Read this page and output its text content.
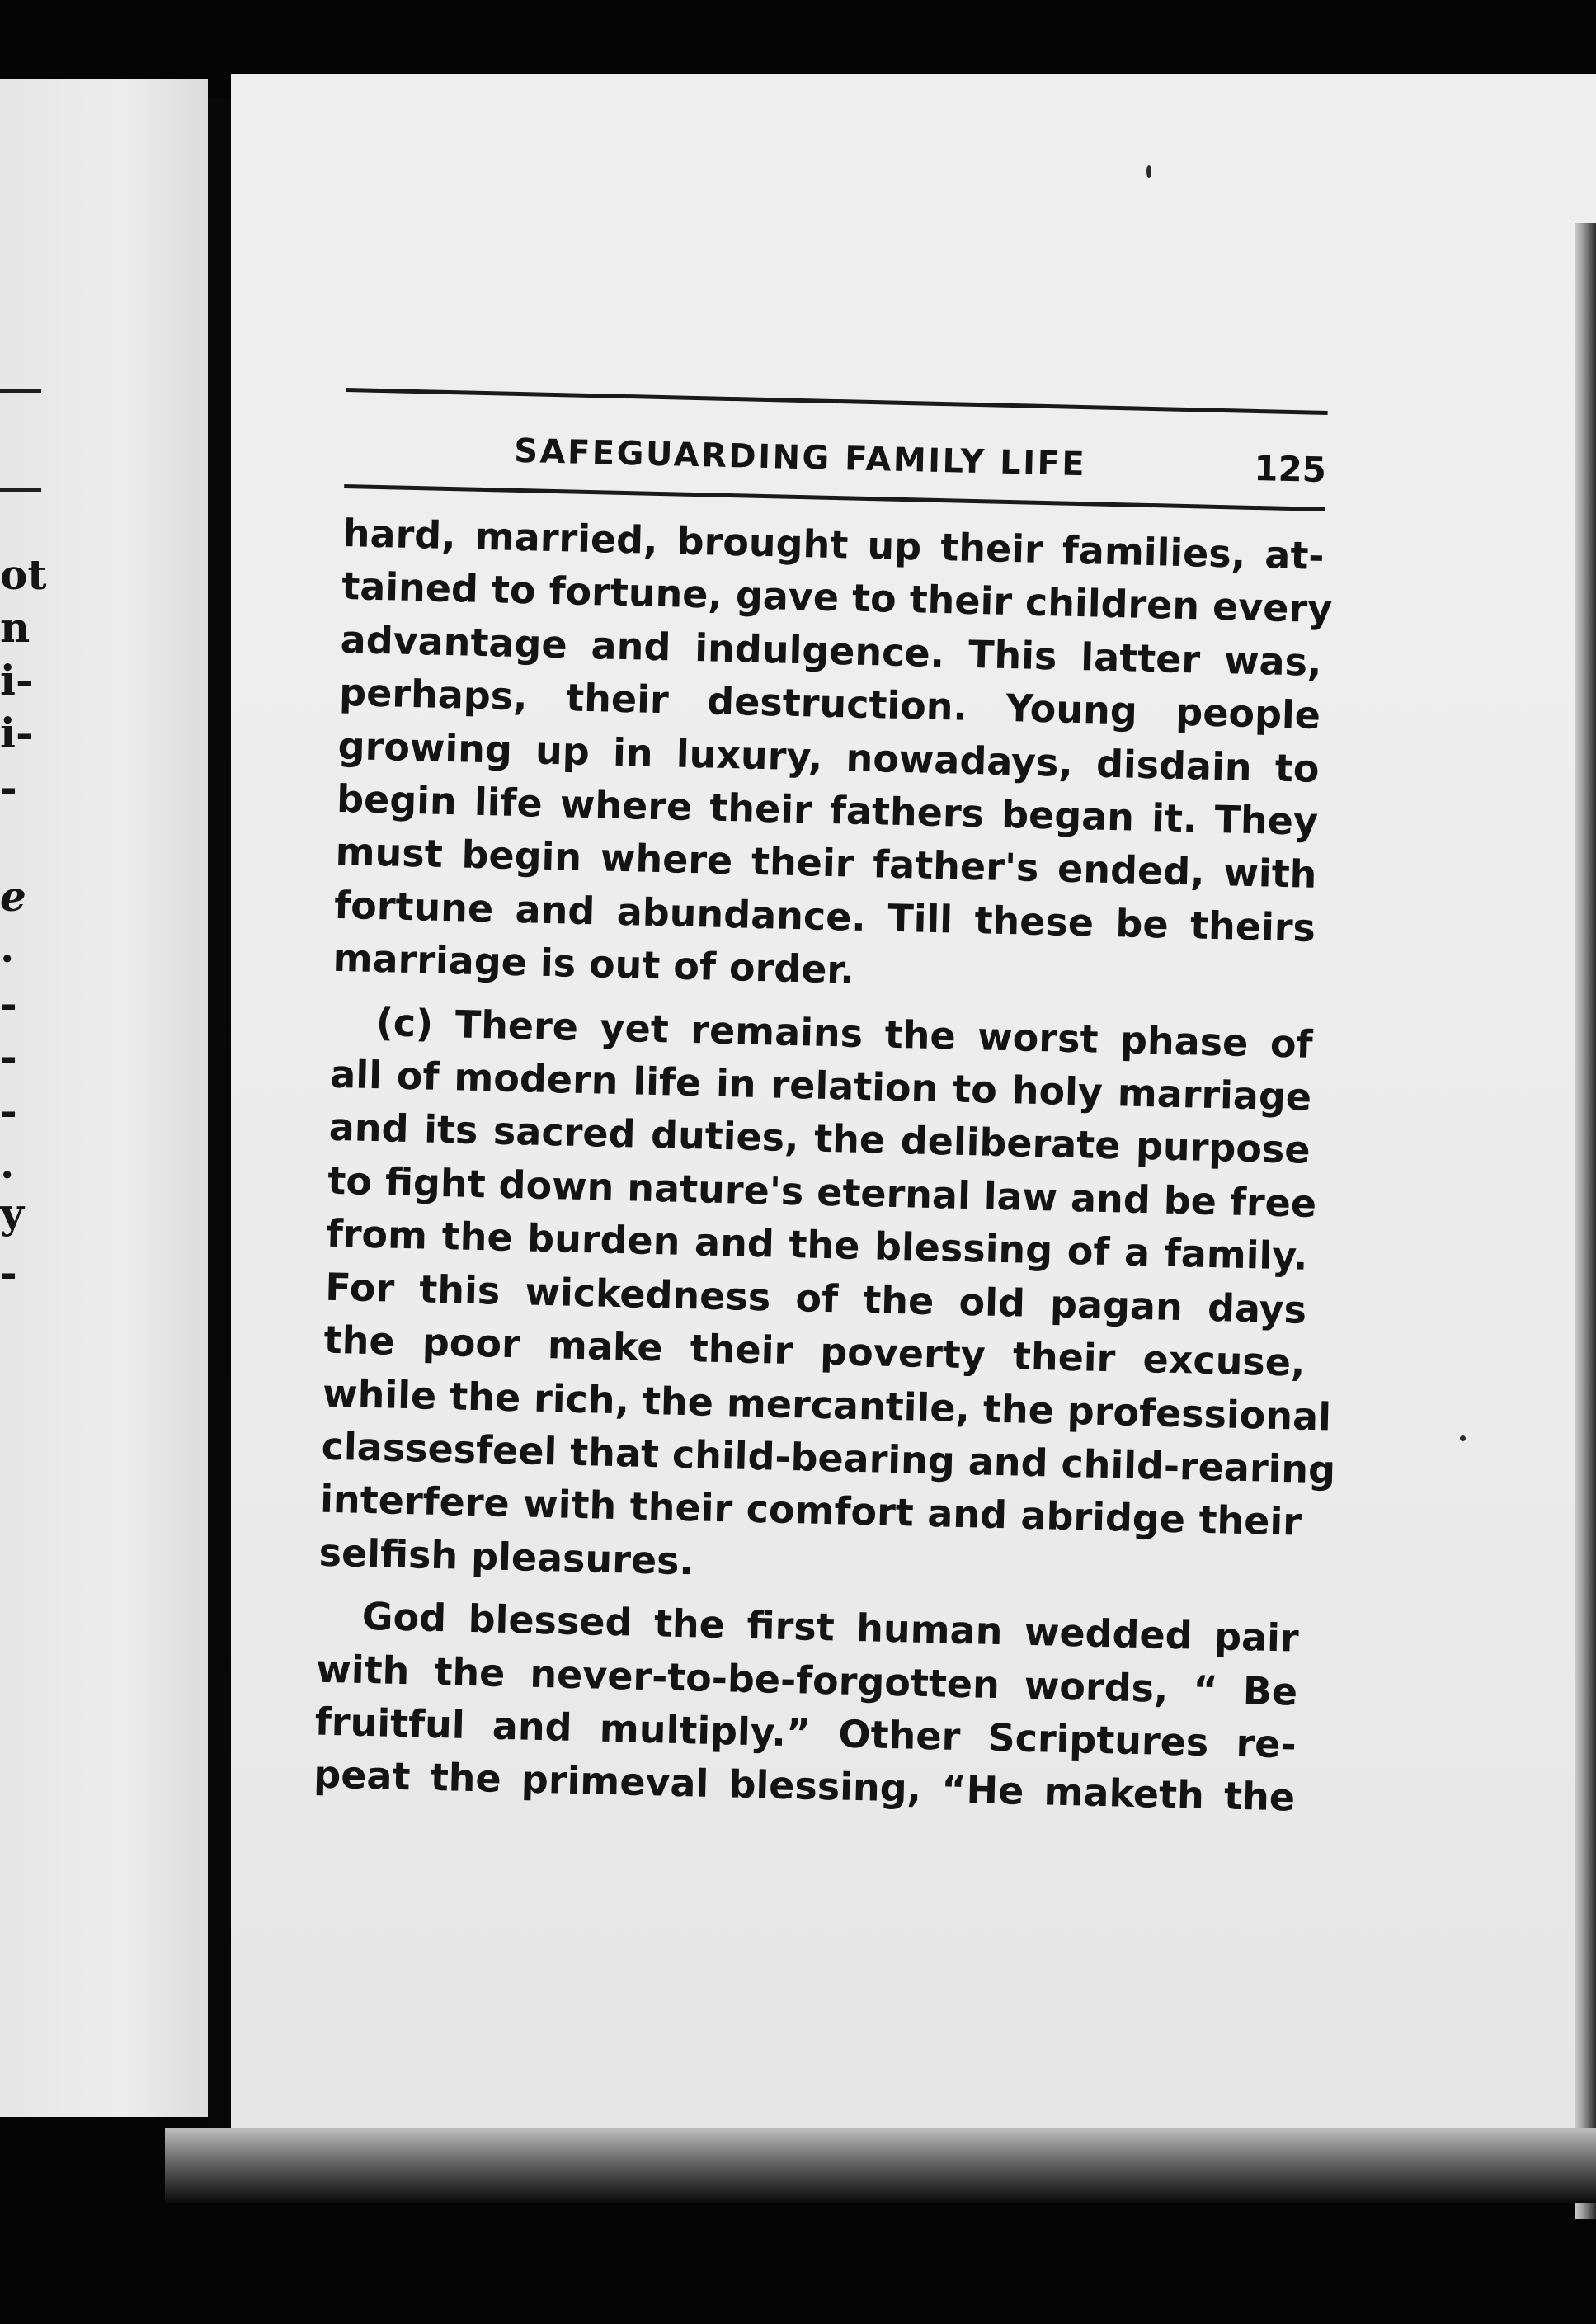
ot
n
i-
i-
-
e
.
-
-
-
.
y
-
SAFEGUARDING FAMILY LIFE	125

hard, married, brought up their families, at-
tained to fortune, gave to their children every
advantage and indulgence. This latter was,
perhaps, their destruction. Young people
growing up in luxury, nowadays, disdain to
begin life where their fathers began it. They
must begin where their father's ended, with
fortune and abundance. Till these be theirs
marriage is out of order.

(c) There yet remains the worst phase of
all of modern life in relation to holy marriage
and its sacred duties, the deliberate purpose
to fight down nature's eternal law and be free
from the burden and the blessing of a family.
For this wickedness of the old pagan days
the poor make their poverty their excuse,
while the rich, the mercantile, the professional
classesfeel that child-bearing and child-rearing
interfere with their comfort and abridge their
selfish pleasures.

God blessed the first human wedded pair
with the never-to-be-forgotten words, “ Be
fruitful and multiply.” Other Scriptures re-
peat the primeval blessing, “He maketh the
